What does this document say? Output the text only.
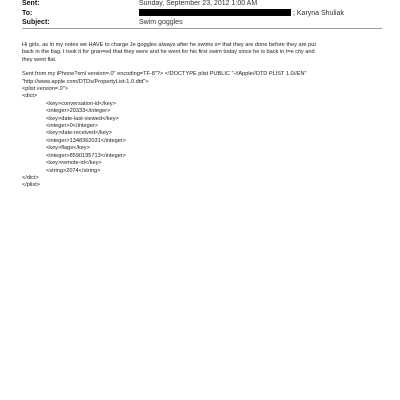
Sent:	Sunday, September 23, 2012 1:00 AM
To:	; Karyna Shuliak
Subject:	Swim goggles
Hi girls, as in my notes we HAVE to charge Je goggles always after he swims s= that they are done before they are put
back in the bag. I took it for gran=ed that they were and he went for his first swim today since he is back in t=e city and
they went flat.
Sent from my iPhone?xml version=.0" encoding=TF-8"?> <!DOCTYPE plist PUBLIC "-//Apple//DTD PLIST 1.0//EN"
"http://www.apple.com/DTDs/PropertyList-1.0.dtd">
<plist version=.0">
<dict>
<key>conversation-id</key>
<integer>20333</integer>
<key>date-last-viewed</key>
<integer>0</integer>
<key>date-received</key>
<integer>1348362031</integer>
<key>flags</key>
<integer>8590195713</integer>
<key>remote-id</key>
<string>2074</string>
</dict>
</plist>
